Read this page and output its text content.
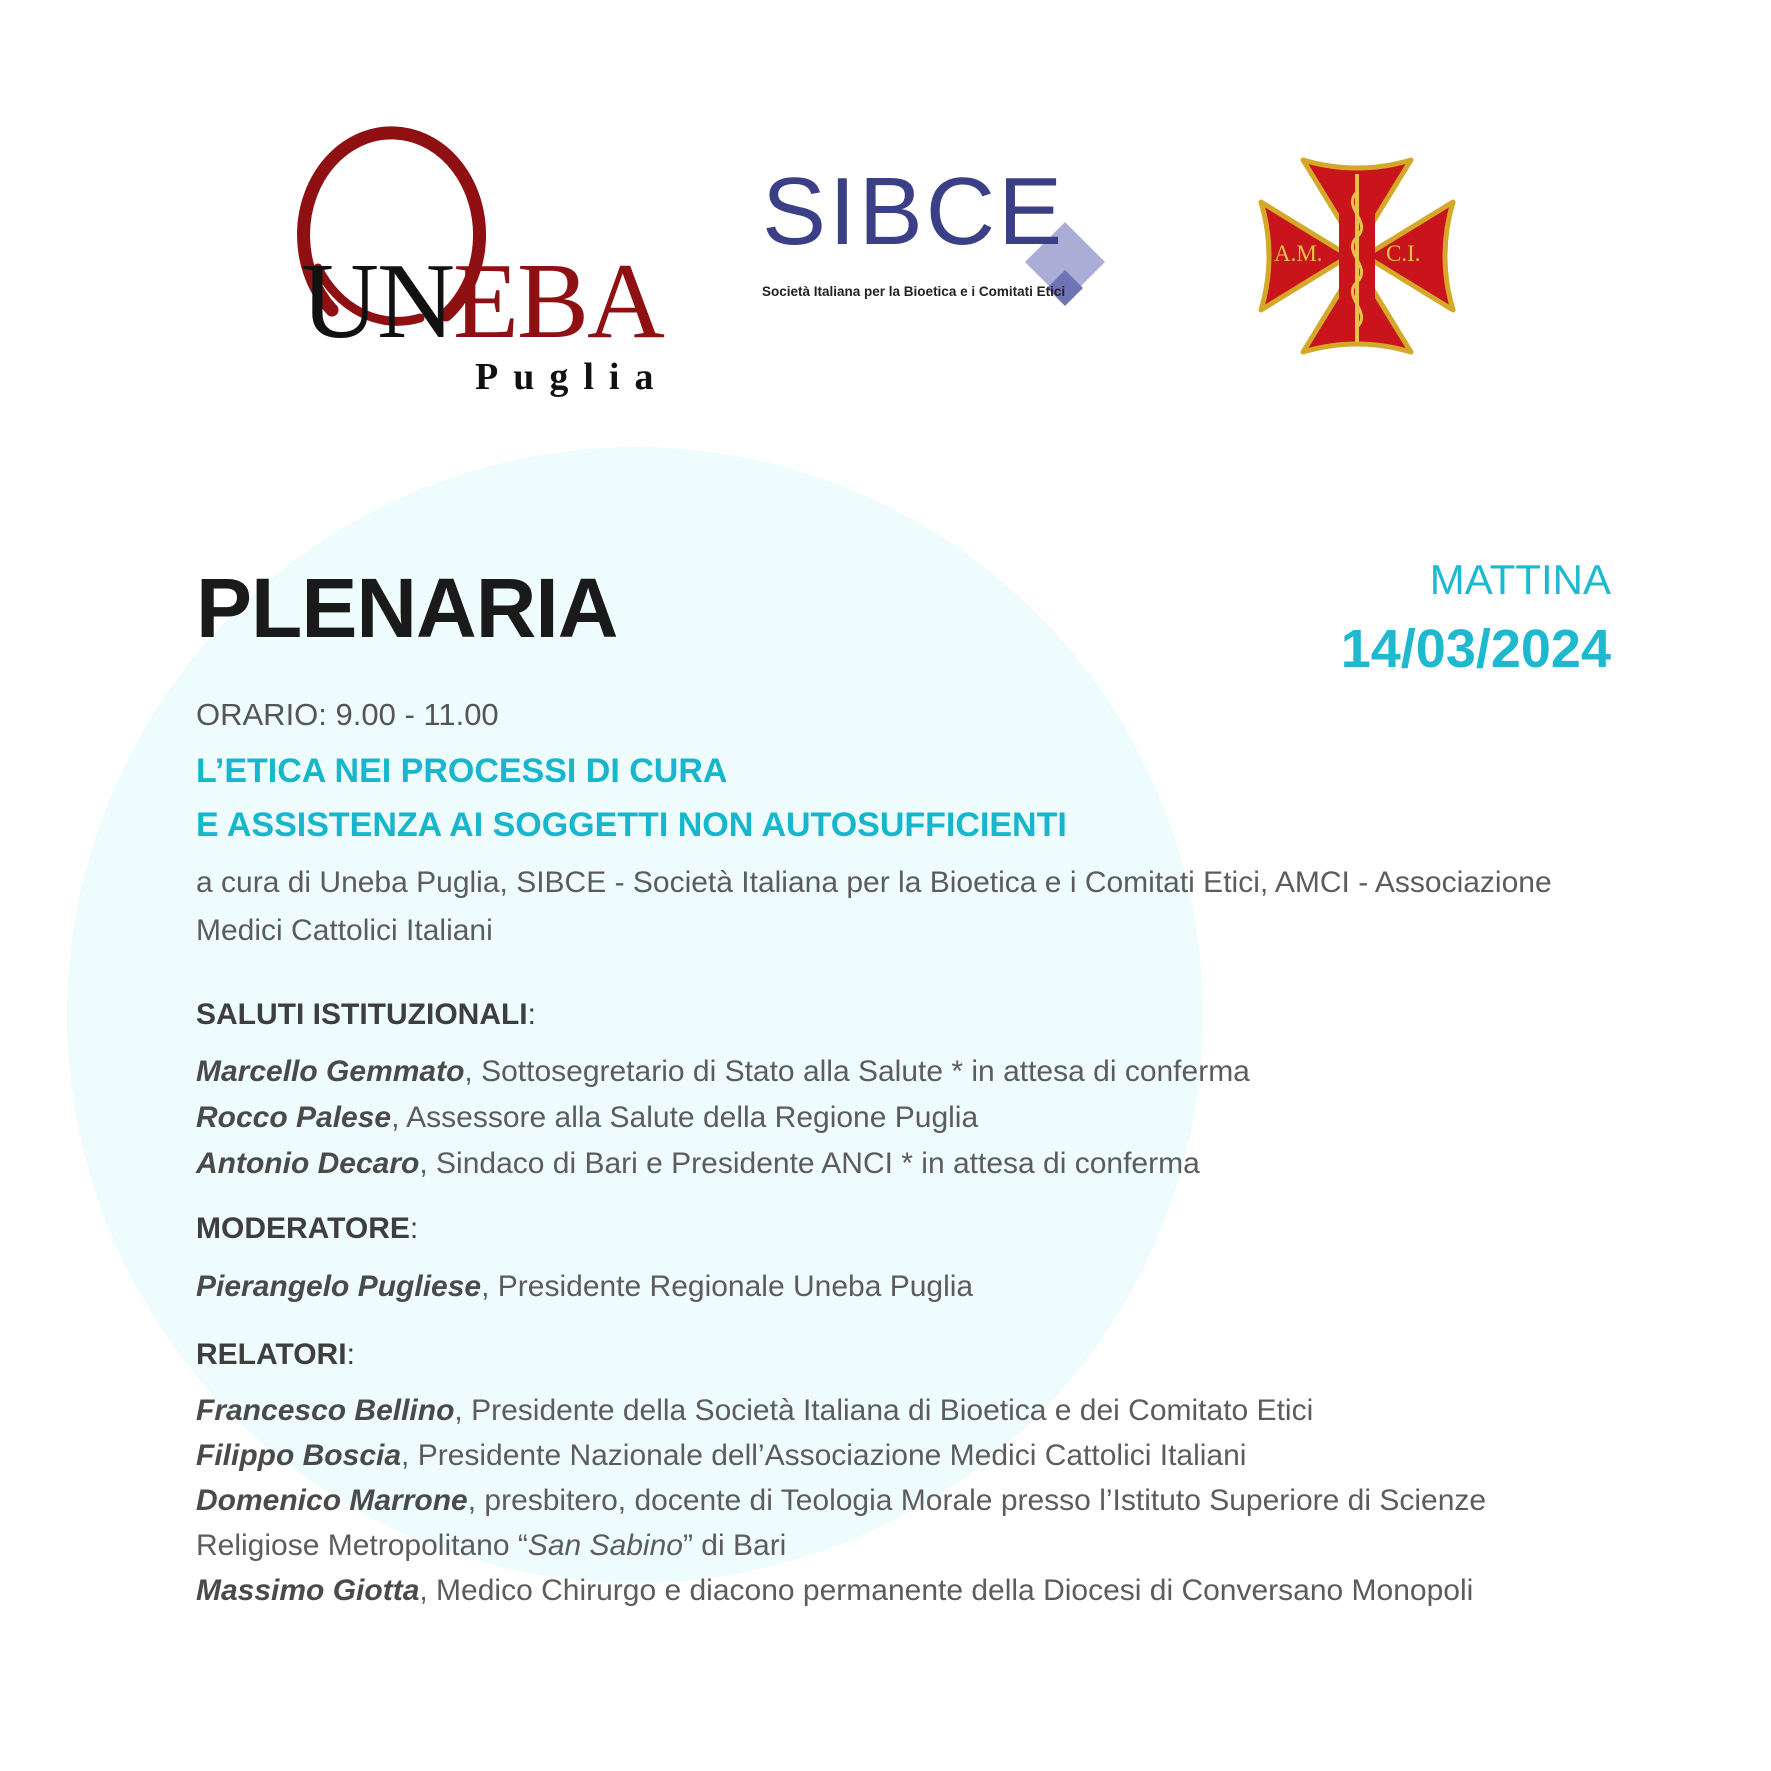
UNEBA
Puglia
SIBCE
Società Italiana per la Bioetica e i Comitati Etici
A.M.	C.I.
PLENARIA	MATTINA
14/03/2024
ORARIO: 9.00 - 11.00
L’ETICA NEI PROCESSI DI CURA
E ASSISTENZA AI SOGGETTI NON AUTOSUFFICIENTI
a cura di Uneba Puglia, SIBCE - Società Italiana per la Bioetica e i Comitati Etici, AMCI - Associazione
Medici Cattolici Italiani
SALUTI ISTITUZIONALI:
Marcello Gemmato, Sottosegretario di Stato alla Salute * in attesa di conferma
Rocco Palese, Assessore alla Salute della Regione Puglia
Antonio Decaro, Sindaco di Bari e Presidente ANCI * in attesa di conferma
MODERATORE:
Pierangelo Pugliese, Presidente Regionale Uneba Puglia
RELATORI:
Francesco Bellino, Presidente della Società Italiana di Bioetica e dei Comitato Etici
Filippo Boscia, Presidente Nazionale dell’Associazione Medici Cattolici Italiani
Domenico Marrone, presbitero, docente di Teologia Morale presso l’Istituto Superiore di Scienze
Religiose Metropolitano “San Sabino” di Bari
Massimo Giotta, Medico Chirurgo e diacono permanente della Diocesi di Conversano Monopoli
